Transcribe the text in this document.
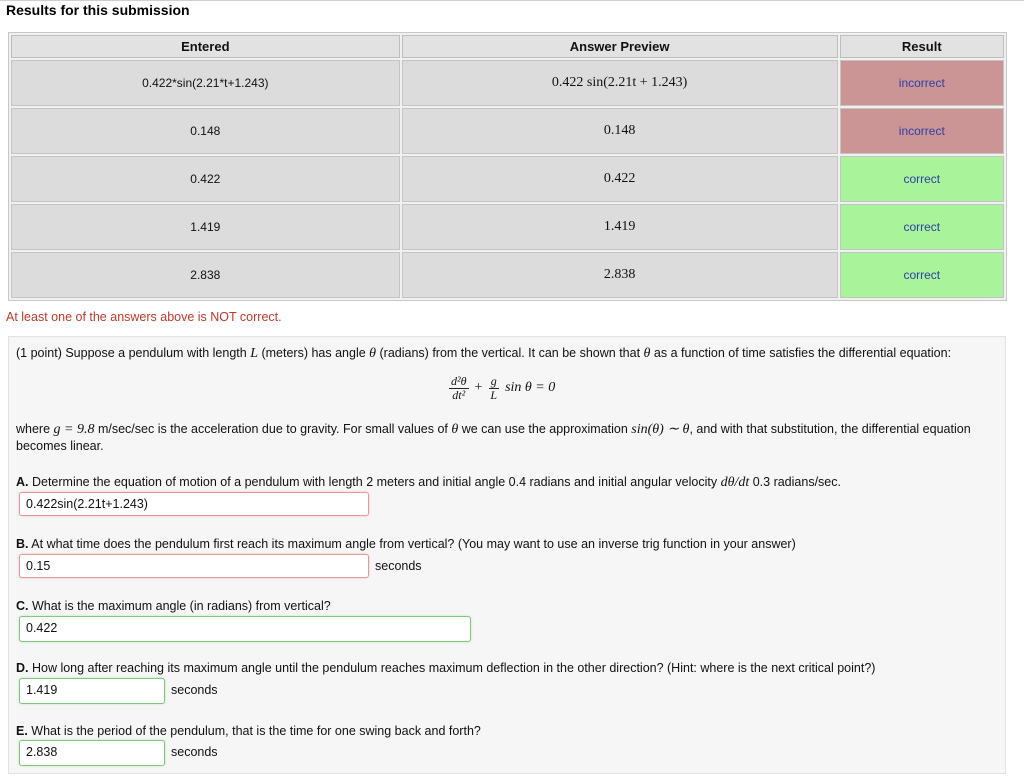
Results for this submission
Entered	Answer Preview	Result
0.422*sin(2.21*t+1.243)	0.422 sin(2.21t + 1.243)	incorrect
0.148	0.148	incorrect
0.422	0.422	correct
1.419	1.419	correct
2.838	2.838	correct
At least one of the answers above is NOT correct.
(1 point) Suppose a pendulum with length L (meters) has angle θ (radians) from the vertical. It can be shown that θ as a function of time satisfies the differential equation:
$\frac{\text{d²θ}}{\text{dt²}} + \frac{g}{L}$ sin θ = 0
where g = 9.8 m/sec/sec is the acceleration due to gravity. For small values of θ we can use the approximation sin(θ) ∼ θ, and with that substitution, the differential equation becomes linear.
A. Determine the equation of motion of a pendulum with length 2 meters and initial angle 0.4 radians and initial angular velocity dθ/dt 0.3 radians/sec.
0.422sin(2.21t+1.243)
B. At what time does the pendulum first reach its maximum angle from vertical? (You may want to use an inverse trig function in your answer)
0.15	seconds
C. What is the maximum angle (in radians) from vertical?
0.422
D. How long after reaching its maximum angle until the pendulum reaches maximum deflection in the other direction? (Hint: where is the next critical point?)
1.419	seconds
E. What is the period of the pendulum, that is the time for one swing back and forth?
2.838	seconds
